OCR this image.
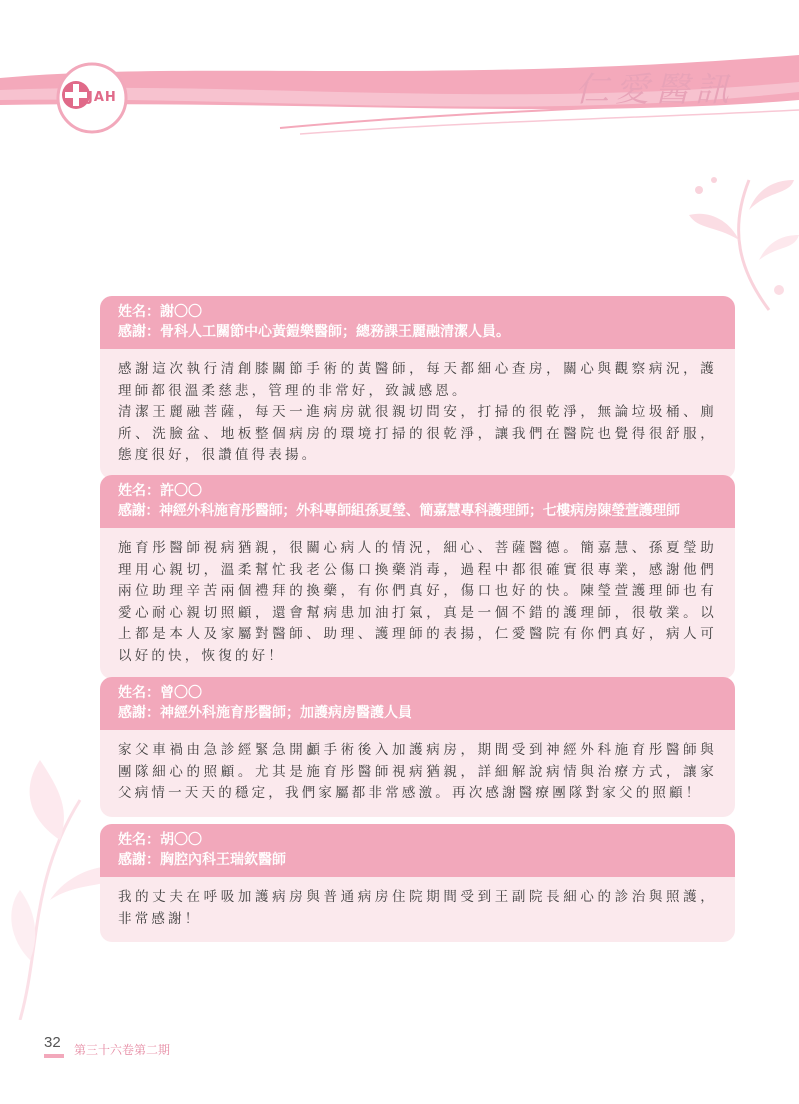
JAH	仁愛醫訊
姓名：謝〇〇
感謝：骨科人工關節中心黃鎧樂醫師；總務課王麗融清潔人員。
感謝這次執行清創膝關節手術的黃醫師，每天都細心查房，關心與觀察病況，護理師都很溫柔慈悲，管理的非常好，致誠感恩。
清潔王麗融菩薩，每天一進病房就很親切問安，打掃的很乾淨，無論垃圾桶、廁所、洗臉盆、地板整個病房的環境打掃的很乾淨，讓我們在醫院也覺得很舒服，態度很好，很讚值得表揚。
姓名：許〇〇
感謝：神經外科施育彤醫師；外科專師組孫夏瑩、簡嘉慧專科護理師；七樓病房陳瑩萱護理師
施育彤醫師視病猶親，很關心病人的情況，細心、菩薩醫德。簡嘉慧、孫夏瑩助理用心親切，溫柔幫忙我老公傷口換藥消毒，過程中都很確實很專業，感謝他們兩位助理辛苦兩個禮拜的換藥，有你們真好，傷口也好的快。陳瑩萱護理師也有愛心耐心親切照顧，還會幫病患加油打氣，真是一個不錯的護理師，很敬業。以上都是本人及家屬對醫師、助理、護理師的表揚，仁愛醫院有你們真好，病人可以好的快，恢復的好！
姓名：曾〇〇
感謝：神經外科施育彤醫師；加護病房醫護人員
家父車禍由急診經緊急開顱手術後入加護病房，期間受到神經外科施育彤醫師與團隊細心的照顧。尤其是施育彤醫師視病猶親，詳細解說病情與治療方式，讓家父病情一天天的穩定，我們家屬都非常感激。再次感謝醫療團隊對家父的照顧！
姓名：胡〇〇
感謝：胸腔內科王瑞欽醫師
我的丈夫在呼吸加護病房與普通病房住院期間受到王副院長細心的診治與照護，非常感謝！
32 第三十六卷第二期
